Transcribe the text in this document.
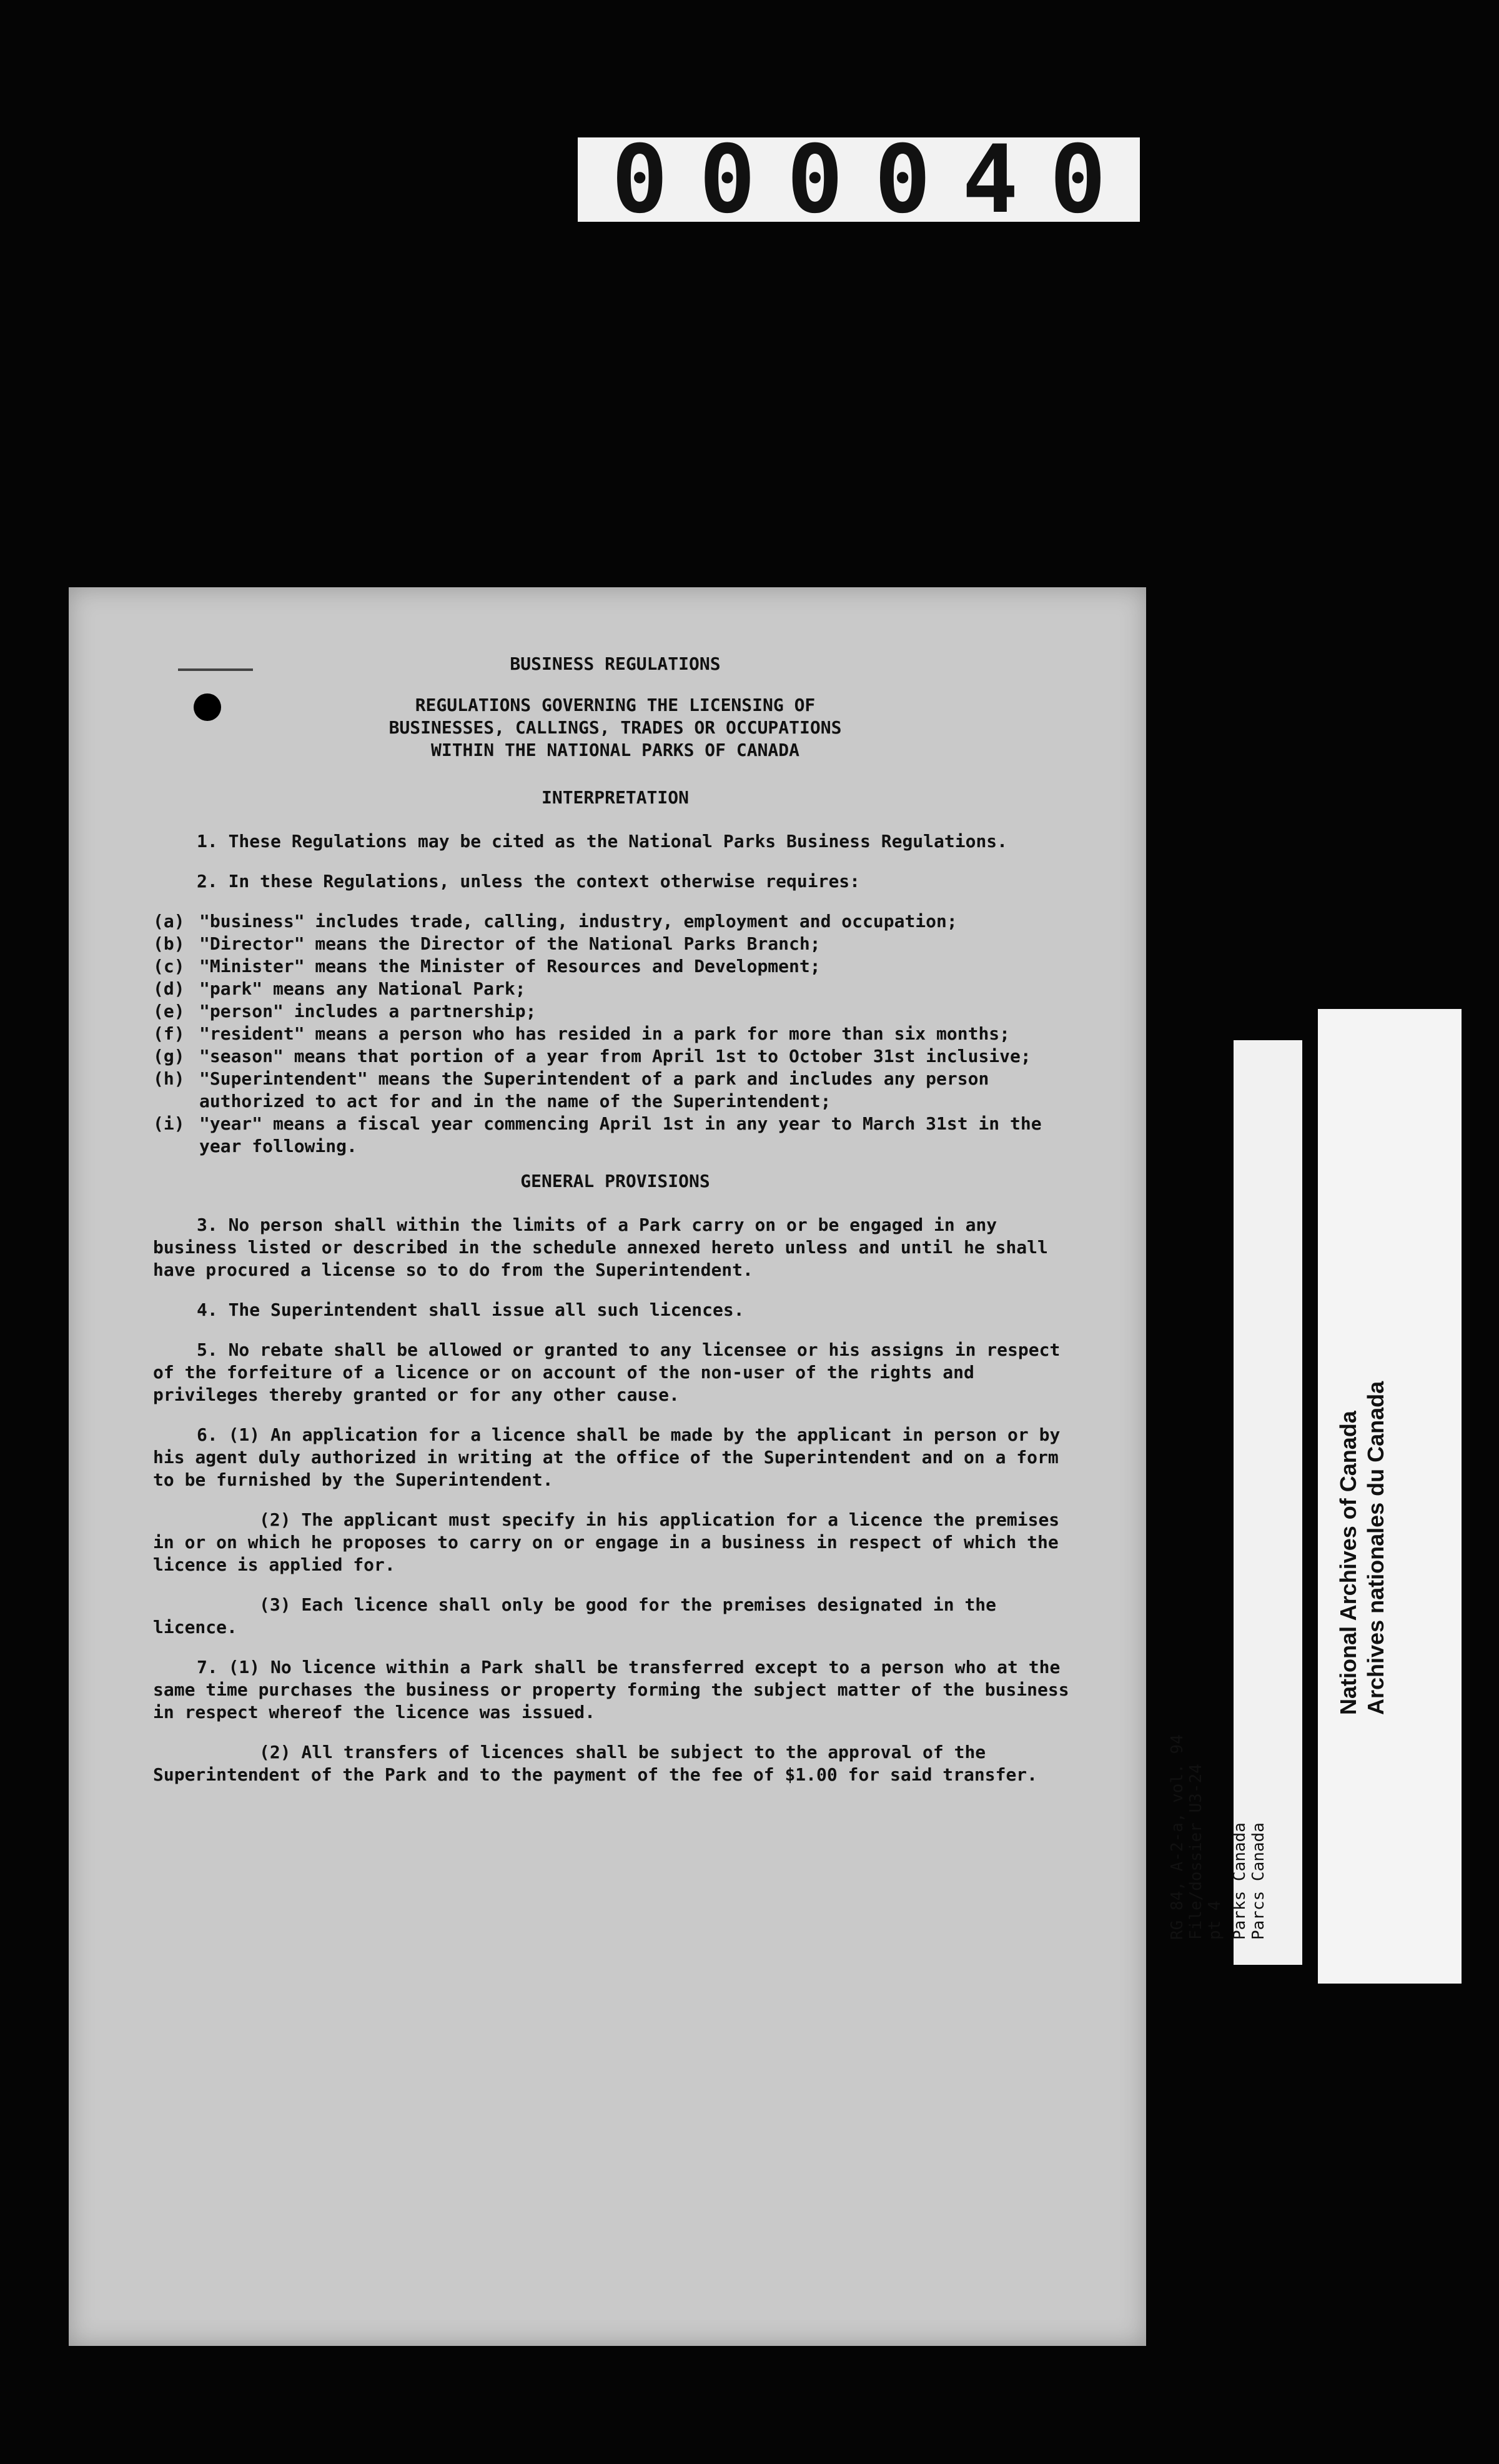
000040
BUSINESS REGULATIONS
REGULATIONS GOVERNING THE LICENSING OF
BUSINESSES, CALLINGS, TRADES OR OCCUPATIONS
WITHIN THE NATIONAL PARKS OF CANADA
INTERPRETATION

1. These Regulations may be cited as the National Parks Business Regulations.

2. In these Regulations, unless the context otherwise requires:

(a) "business" includes trade, calling, industry, employment and occupation;
(b) "Director" means the Director of the National Parks Branch;
(c) "Minister" means the Minister of Resources and Development;
(d) "park" means any National Park;
(e) "person" includes a partnership;
(f) "resident" means a person who has resided in a park for more than six months;
(g) "season" means that portion of a year from April 1st to October 31st inclusive;
(h) "Superintendent" means the Superintendent of a park and includes any person authorized to act for and in the name of the Superintendent;
(i) "year" means a fiscal year commencing April 1st in any year to March 31st in the year following.
GENERAL PROVISIONS

3. No person shall within the limits of a Park carry on or be engaged in any business listed or described in the schedule annexed hereto unless and until he shall have procured a license so to do from the Superintendent.

4. The Superintendent shall issue all such licences.

5. No rebate shall be allowed or granted to any licensee or his assigns in respect of the forfeiture of a licence or on account of the non-user of the rights and privileges thereby granted or for any other cause.

6. (1) An application for a licence shall be made by the applicant in person or by his agent duly authorized in writing at the office of the Superintendent and on a form to be furnished by the Superintendent.

(2) The applicant must specify in his application for a licence the premises in or on which he proposes to carry on or engage in a business in respect of which the licence is applied for.

(3) Each licence shall only be good for the premises designated in the licence.

7. (1) No licence within a Park shall be transferred except to a person who at the same time purchases the business or property forming the subject matter of the business in respect whereof the licence was issued.

(2) All transfers of licences shall be subject to the approval of the Superintendent of the Park and to the payment of the fee of $1.00 for said transfer.	RG 84, A-2-a, vol. 94 File/dossier U3-24 pt 4 Parks Canada Parcs Canada
National Archives of Canada Archives nationales du Canada
